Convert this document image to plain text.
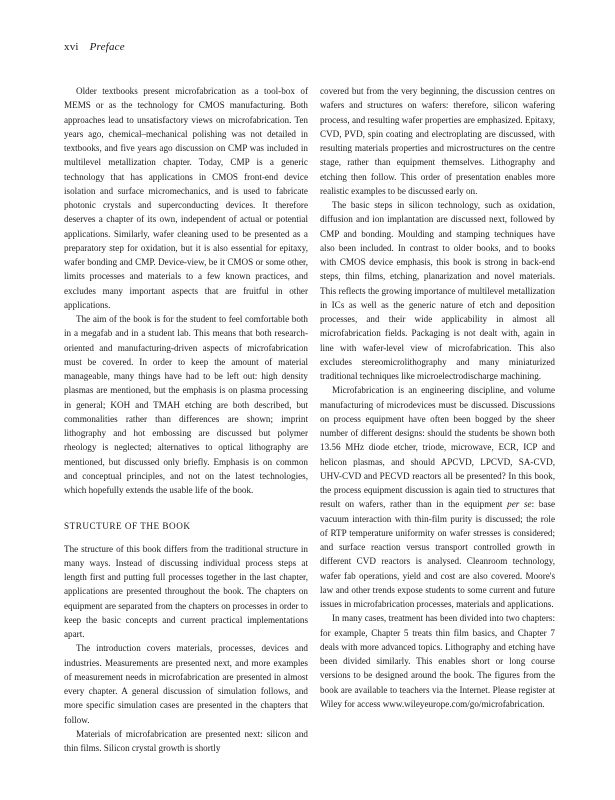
xvi Preface

Older textbooks present microfabrication as a tool-box of MEMS or as the technology for CMOS manufacturing. Both approaches lead to unsatisfactory views on microfabrication. Ten years ago, chemical–mechanical polishing was not detailed in textbooks, and five years ago discussion on CMP was included in multilevel metallization chapter. Today, CMP is a generic technology that has applications in CMOS front-end device isolation and surface micromechanics, and is used to fabricate photonic crystals and superconducting devices. It therefore deserves a chapter of its own, independent of actual or potential applications. Similarly, wafer cleaning used to be presented as a preparatory step for oxidation, but it is also essential for epitaxy, wafer bonding and CMP. Device-view, be it CMOS or some other, limits processes and materials to a few known practices, and excludes many important aspects that are fruitful in other applications.

The aim of the book is for the student to feel comfortable both in a megafab and in a student lab. This means that both research-oriented and manufacturing-driven aspects of microfabrication must be covered. In order to keep the amount of material manageable, many things have had to be left out: high density plasmas are mentioned, but the emphasis is on plasma processing in general; KOH and TMAH etching are both described, but commonalities rather than differences are shown; imprint lithography and hot embossing are discussed but polymer rheology is neglected; alternatives to optical lithography are mentioned, but discussed only briefly. Emphasis is on common and conceptual principles, and not on the latest technologies, which hopefully extends the usable life of the book.

STRUCTURE OF THE BOOK

The structure of this book differs from the traditional structure in many ways. Instead of discussing individual process steps at length first and putting full processes together in the last chapter, applications are presented throughout the book. The chapters on equipment are separated from the chapters on processes in order to keep the basic concepts and current practical implementations apart.

The introduction covers materials, processes, devices and industries. Measurements are presented next, and more examples of measurement needs in microfabrication are presented in almost every chapter. A general discussion of simulation follows, and more specific simulation cases are presented in the chapters that follow.

Materials of microfabrication are presented next: silicon and thin films. Silicon crystal growth is shortly

covered but from the very beginning, the discussion centres on wafers and structures on wafers: therefore, silicon wafering process, and resulting wafer properties are emphasized. Epitaxy, CVD, PVD, spin coating and electroplating are discussed, with resulting materials properties and microstructures on the centre stage, rather than equipment themselves. Lithography and etching then follow. This order of presentation enables more realistic examples to be discussed early on.

The basic steps in silicon technology, such as oxidation, diffusion and ion implantation are discussed next, followed by CMP and bonding. Moulding and stamping techniques have also been included. In contrast to older books, and to books with CMOS device emphasis, this book is strong in back-end steps, thin films, etching, planarization and novel materials. This reflects the growing importance of multilevel metallization in ICs as well as the generic nature of etch and deposition processes, and their wide applicability in almost all microfabrication fields. Packaging is not dealt with, again in line with wafer-level view of microfabrication. This also excludes stereomicrolithography and many miniaturized traditional techniques like microelectrodischarge machining.

Microfabrication is an engineering discipline, and volume manufacturing of microdevices must be discussed. Discussions on process equipment have often been bogged by the sheer number of different designs: should the students be shown both 13.56 MHz diode etcher, triode, microwave, ECR, ICP and helicon plasmas, and should APCVD, LPCVD, SA-CVD, UHV-CVD and PECVD reactors all be presented? In this book, the process equipment discussion is again tied to structures that result on wafers, rather than in the equipment per se: base vacuum interaction with thin-film purity is discussed; the role of RTP temperature uniformity on wafer stresses is considered; and surface reaction versus transport controlled growth in different CVD reactors is analysed. Cleanroom technology, wafer fab operations, yield and cost are also covered. Moore's law and other trends expose students to some current and future issues in microfabrication processes, materials and applications.

In many cases, treatment has been divided into two chapters: for example, Chapter 5 treats thin film basics, and Chapter 7 deals with more advanced topics. Lithography and etching have been divided similarly. This enables short or long course versions to be designed around the book. The figures from the book are available to teachers via the Internet. Please register at Wiley for access www.wileyeurope.com/go/microfabrication.
